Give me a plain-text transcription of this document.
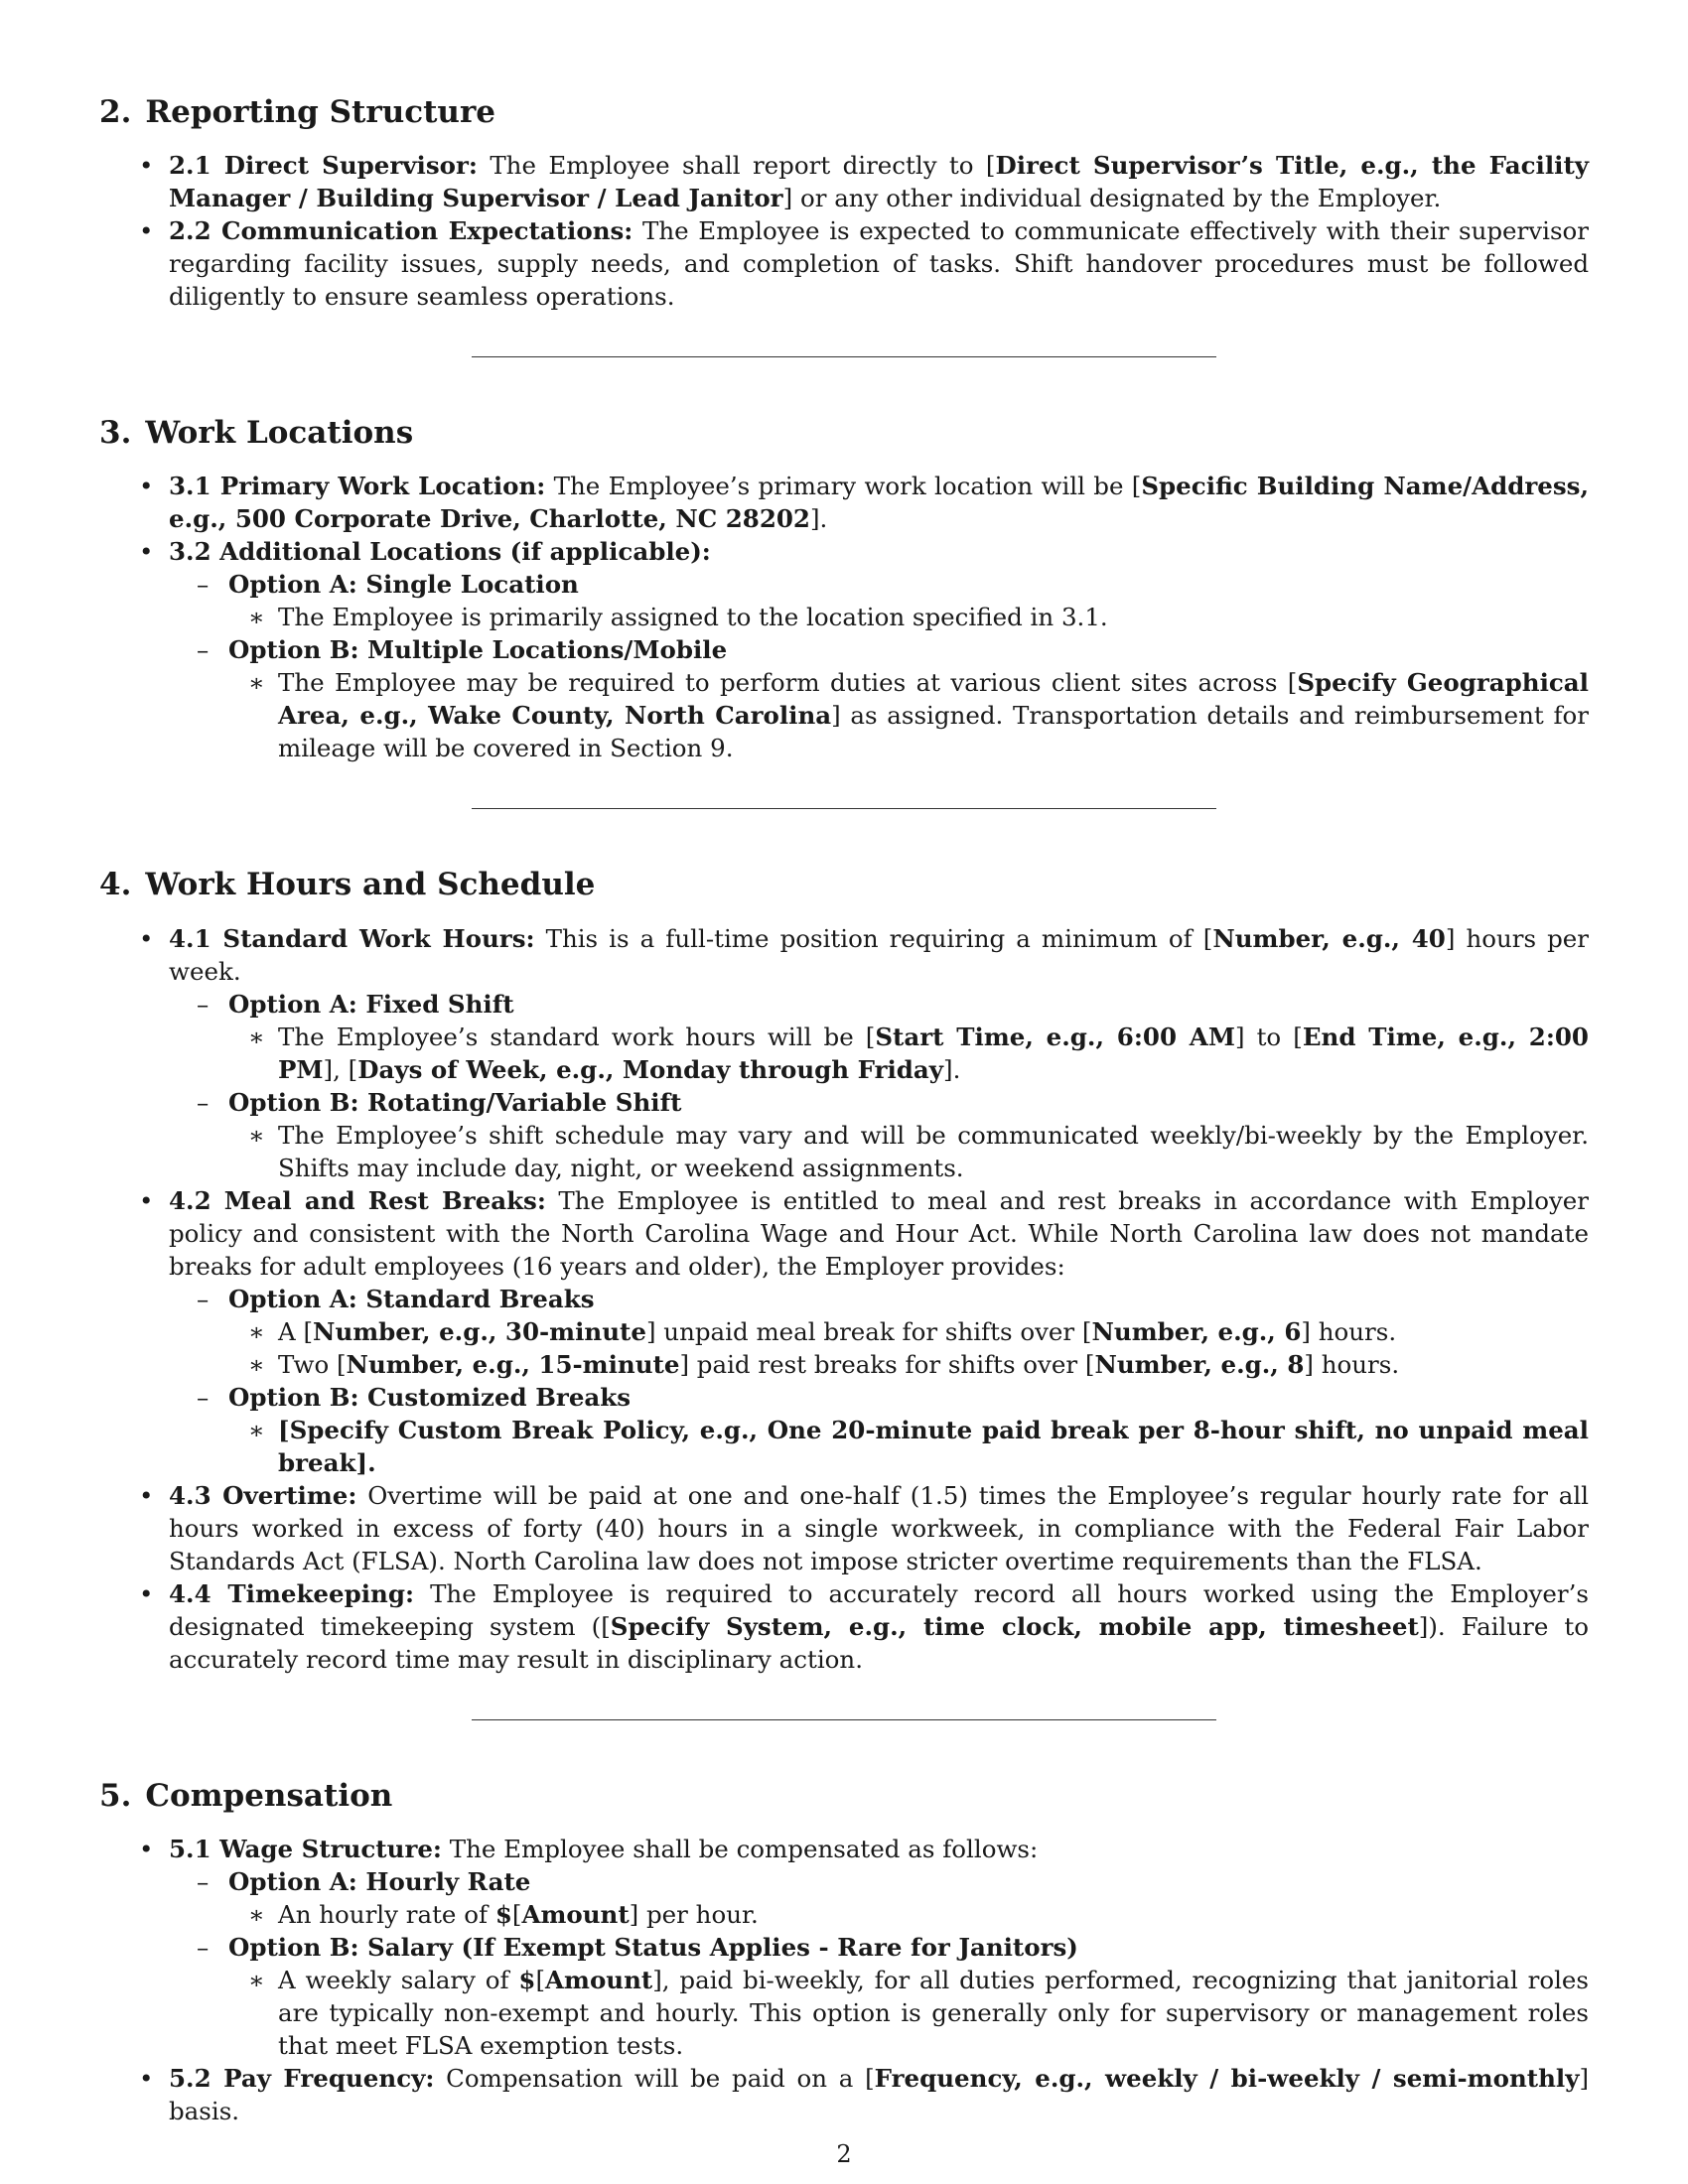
2. Reporting Structure
• 2.1 Direct Supervisor: The Employee shall report directly to [Direct Supervisor’s Title, e.g., the Facility Manager / Building Supervisor / Lead Janitor] or any other individual designated by the Employer.
• 2.2 Communication Expectations: The Employee is expected to communicate effectively with their supervisor regarding facility issues, supply needs, and completion of tasks. Shift handover procedures must be followed diligently to ensure seamless operations.
3. Work Locations
• 3.1 Primary Work Location: The Employee’s primary work location will be [Specific Building Name/Address, e.g., 500 Corporate Drive, Charlotte, NC 28202].
• 3.2 Additional Locations (if applicable):
– Option A: Single Location
∗ The Employee is primarily assigned to the location specified in 3.1.
– Option B: Multiple Locations/Mobile
∗ The Employee may be required to perform duties at various client sites across [Specify Geographical Area, e.g., Wake County, North Carolina] as assigned. Transportation details and reimbursement for mileage will be covered in Section 9.
4. Work Hours and Schedule
• 4.1 Standard Work Hours: This is a full-time position requiring a minimum of [Number, e.g., 40] hours per week.
– Option A: Fixed Shift
∗ The Employee’s standard work hours will be [Start Time, e.g., 6:00 AM] to [End Time, e.g., 2:00 PM], [Days of Week, e.g., Monday through Friday].
– Option B: Rotating/Variable Shift
∗ The Employee’s shift schedule may vary and will be communicated weekly/bi-weekly by the Employer. Shifts may include day, night, or weekend assignments.
• 4.2 Meal and Rest Breaks: The Employee is entitled to meal and rest breaks in accordance with Employer policy and consistent with the North Carolina Wage and Hour Act. While North Carolina law does not mandate breaks for adult employees (16 years and older), the Employer provides:
– Option A: Standard Breaks
∗ A [Number, e.g., 30-minute] unpaid meal break for shifts over [Number, e.g., 6] hours.
∗ Two [Number, e.g., 15-minute] paid rest breaks for shifts over [Number, e.g., 8] hours.
– Option B: Customized Breaks
∗ [Specify Custom Break Policy, e.g., One 20-minute paid break per 8-hour shift, no unpaid meal break].
• 4.3 Overtime: Overtime will be paid at one and one-half (1.5) times the Employee’s regular hourly rate for all hours worked in excess of forty (40) hours in a single workweek, in compliance with the Federal Fair Labor Standards Act (FLSA). North Carolina law does not impose stricter overtime requirements than the FLSA.
• 4.4 Timekeeping: The Employee is required to accurately record all hours worked using the Employer’s designated timekeeping system ([Specify System, e.g., time clock, mobile app, timesheet]). Failure to accurately record time may result in disciplinary action.
5. Compensation
• 5.1 Wage Structure: The Employee shall be compensated as follows:
– Option A: Hourly Rate
∗ An hourly rate of $[Amount] per hour.
– Option B: Salary (If Exempt Status Applies - Rare for Janitors)
∗ A weekly salary of $[Amount], paid bi-weekly, for all duties performed, recognizing that janitorial roles are typically non-exempt and hourly. This option is generally only for supervisory or management roles that meet FLSA exemption tests.
• 5.2 Pay Frequency: Compensation will be paid on a [Frequency, e.g., weekly / bi-weekly / semi-monthly] basis.
2
